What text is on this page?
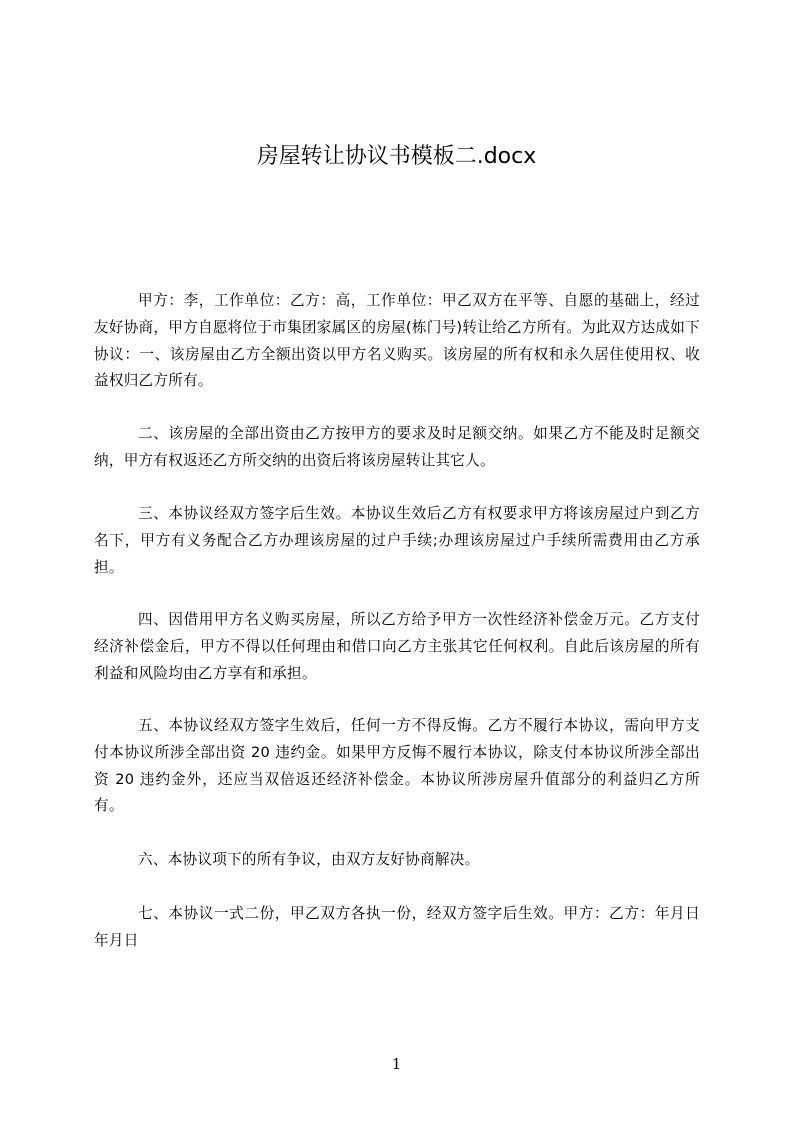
房屋转让协议书模板二.docx

甲方：李，工作单位：乙方：高，工作单位：甲乙双方在平等、自愿的基础上，经过友好协商，甲方自愿将位于市集团家属区的房屋(栋门号)转让给乙方所有。为此双方达成如下协议：一、该房屋由乙方全额出资以甲方名义购买。该房屋的所有权和永久居住使用权、收益权归乙方所有。

二、该房屋的全部出资由乙方按甲方的要求及时足额交纳。如果乙方不能及时足额交纳，甲方有权返还乙方所交纳的出资后将该房屋转让其它人。

三、本协议经双方签字后生效。本协议生效后乙方有权要求甲方将该房屋过户到乙方名下，甲方有义务配合乙方办理该房屋的过户手续;办理该房屋过户手续所需费用由乙方承担。

四、因借用甲方名义购买房屋，所以乙方给予甲方一次性经济补偿金万元。乙方支付经济补偿金后，甲方不得以任何理由和借口向乙方主张其它任何权利。自此后该房屋的所有利益和风险均由乙方享有和承担。

五、本协议经双方签字生效后，任何一方不得反悔。乙方不履行本协议，需向甲方支付本协议所涉全部出资 20 违约金。如果甲方反悔不履行本协议，除支付本协议所涉全部出资 20 违约金外，还应当双倍返还经济补偿金。本协议所涉房屋升值部分的利益归乙方所有。

六、本协议项下的所有争议，由双方友好协商解决。

七、本协议一式二份，甲乙双方各执一份，经双方签字后生效。甲方：乙方：年月日年月日

1
